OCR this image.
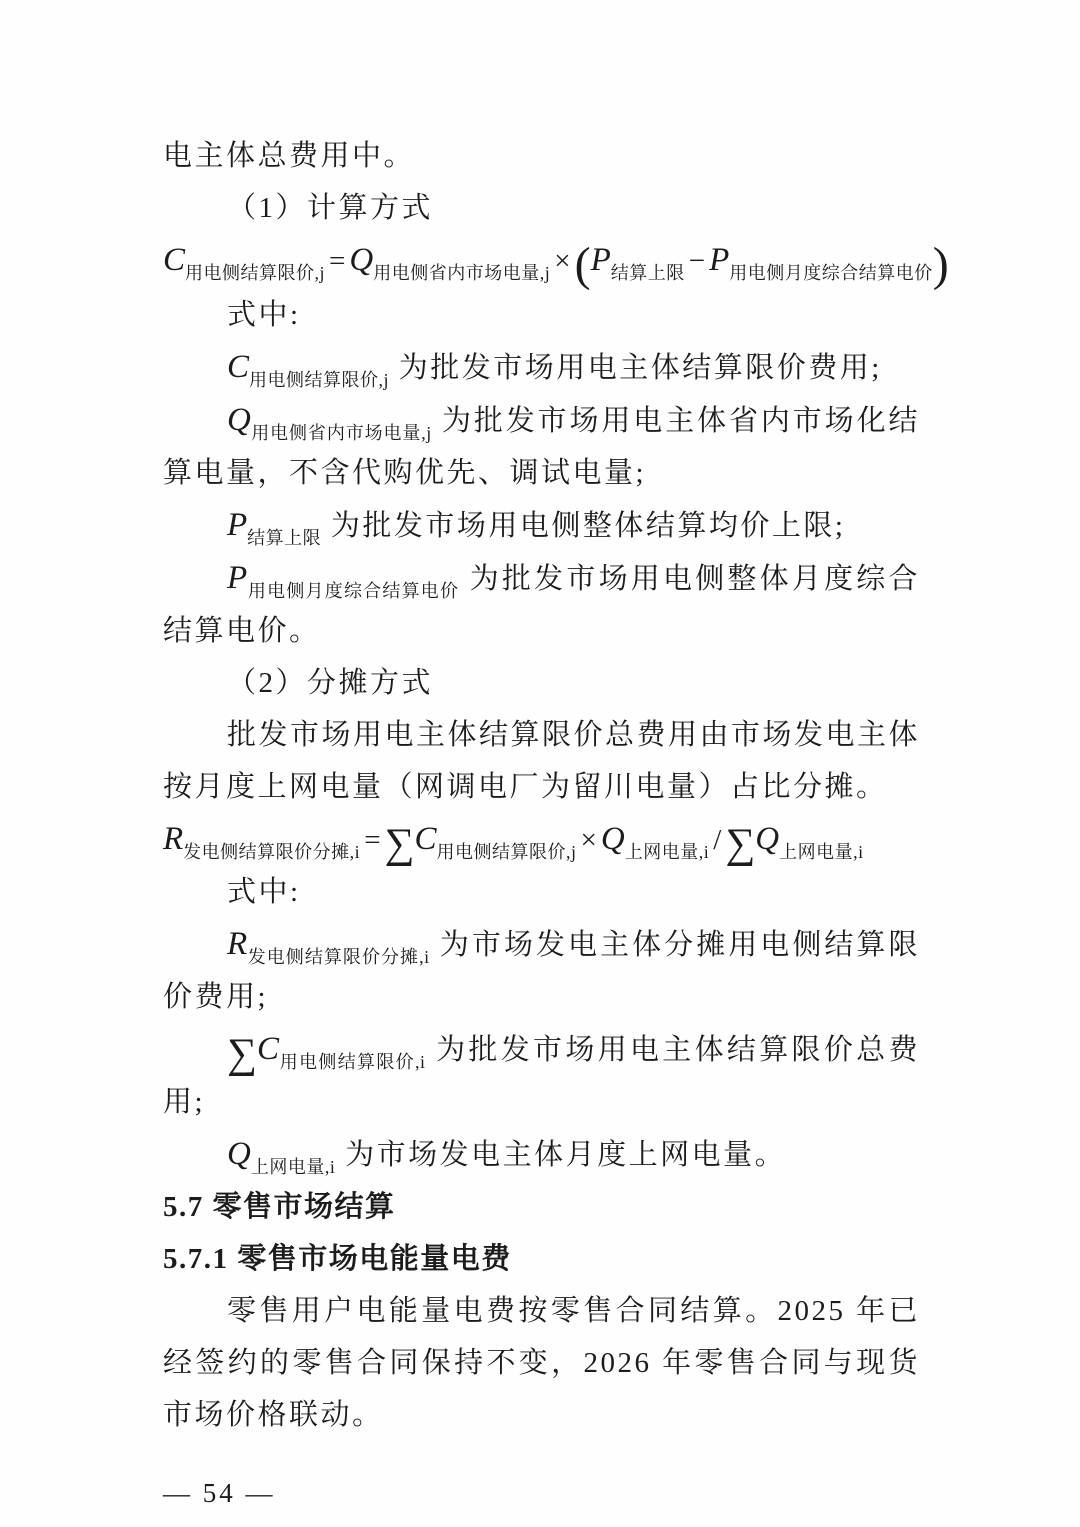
电主体总费用中。

（1）计算方式

$C_{用电侧结算限价,j} = Q_{用电侧省内市场电量,j} \times(P_{结算上限} - P_{用电侧月度综合结算电价})$

式中:

$C_{用电侧结算限价,j}$ 为批发市场用电主体结算限价费用;

$Q_{用电侧省内市场电量,j}$ 为批发市场用电主体省内市场化结算电量，不含代购优先、调试电量;

$P_{结算上限}$ 为批发市场用电侧整体结算均价上限;

$P_{用电侧月度综合结算电价}$ 为批发市场用电侧整体月度综合结算电价。

（2）分摊方式

批发市场用电主体结算限价总费用由市场发电主体按月度上网电量（网调电厂为留川电量）占比分摊。

$R_{发电侧结算限价分摊,i} =\sum C_{用电侧结算限价,j} \times Q_{上网电量,i}$ $/\sum Q_{上网电量,i}$

式中:

$R_{发电侧结算限价分摊,i}$ 为市场发电主体分摊用电侧结算限价费用;

$\sum C_{用电侧结算限价,i}$ 为批发市场用电主体结算限价总费用;

$Q_{上网电量,i}$ 为市场发电主体月度上网电量。

5.7 零售市场结算

5.7.1 零售市场电能量电费

零售用户电能量电费按零售合同结算。2025 年已经签约的零售合同保持不变，2026 年零售合同与现货市场价格联动。

— 54 —
